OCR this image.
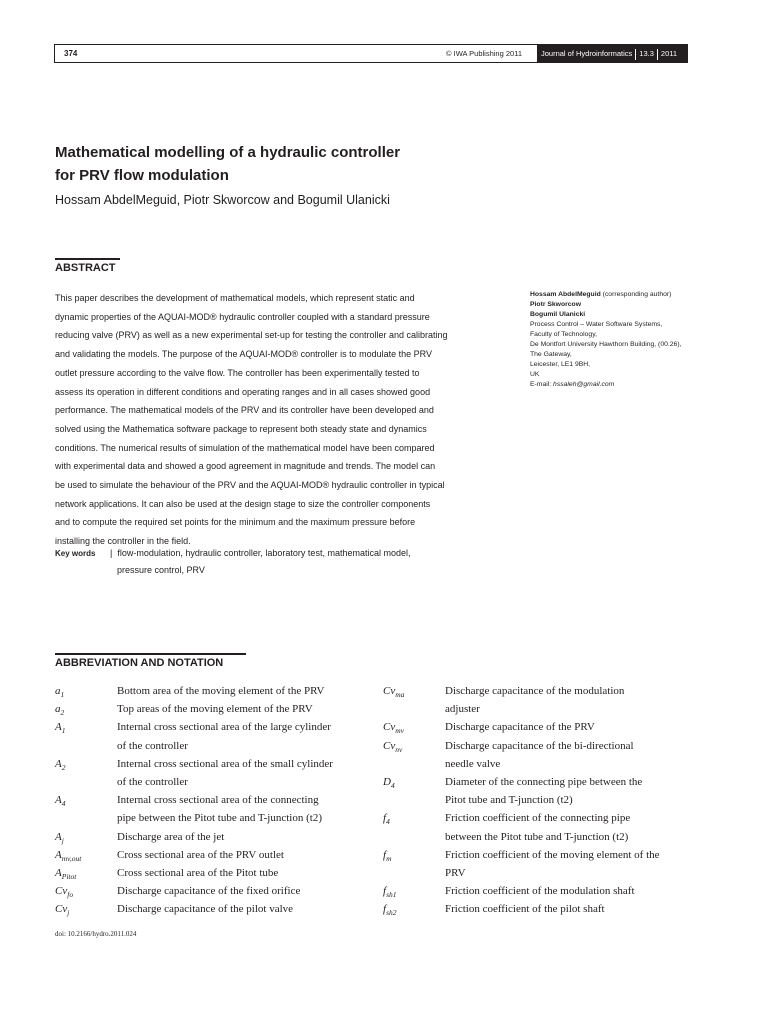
374	© IWA Publishing 2011	Journal of Hydroinformatics 13.3 2011
Mathematical modelling of a hydraulic controller
for PRV flow modulation
Hossam AbdelMeguid, Piotr Skworcow and Bogumil Ulanicki
ABSTRACT
This paper describes the development of mathematical models, which represent static and
dynamic properties of the AQUAI-MOD® hydraulic controller coupled with a standard pressure
reducing valve (PRV) as well as a new experimental set-up for testing the controller and calibrating
and validating the models. The purpose of the AQUAI-MOD® controller is to modulate the PRV
outlet pressure according to the valve flow. The controller has been experimentally tested to
assess its operation in different conditions and operating ranges and in all cases showed good
performance. The mathematical models of the PRV and its controller have been developed and
solved using the Mathematica software package to represent both steady state and dynamics
conditions. The numerical results of simulation of the mathematical model have been compared
with experimental data and showed a good agreement in magnitude and trends. The model can
be used to simulate the behaviour of the PRV and the AQUAI-MOD® hydraulic controller in typical
network applications. It can also be used at the design stage to size the controller components
and to compute the required set points for the minimum and the maximum pressure before
installing the controller in the field.
Key words | flow-modulation, hydraulic controller, laboratory test, mathematical model,
pressure control, PRV
Hossam AbdelMeguid (corresponding author)
Piotr Skworcow
Bogumil Ulanicki
Process Control – Water Software Systems,
Faculty of Technology,
De Montfort University Hawthorn Building, (00.26),
The Gateway,
Leicester, LE1 9BH,
UK
E-mail: hssaleh@gmail.com
ABBREVIATION AND NOTATION
$a_1$	Bottom area of the moving element of the PRV
$a_2$	Top areas of the moving element of the PRV
$A_1$	Internal cross sectional area of the large cylinder
of the controller
$A_2$	Internal cross sectional area of the small cylinder
of the controller
$A_4$	Internal cross sectional area of the connecting
pipe between the Pitot tube and T-junction (t2)
$A_j$	Discharge area of the jet
$A_{mv,out}$	Cross sectional area of the PRV outlet
$A_{Pitot}$	Cross sectional area of the Pitot tube
$Cv_{fo}$	Discharge capacitance of the fixed orifice
$Cv_j$	Discharge capacitance of the pilot valve
$Cv_{ma}$	Discharge capacitance of the modulation
adjuster
$Cv_{mv}$	Discharge capacitance of the PRV
$Cv_{nv}$	Discharge capacitance of the bi-directional
needle valve
$D_4$	Diameter of the connecting pipe between the
Pitot tube and T-junction (t2)
$f_4$	Friction coefficient of the connecting pipe
between the Pitot tube and T-junction (t2)
$f_m$	Friction coefficient of the moving element of the
PRV
$f_{sh1}$	Friction coefficient of the modulation shaft
$f_{sh2}$	Friction coefficient of the pilot shaft
doi: 10.2166/hydro.2011.024
